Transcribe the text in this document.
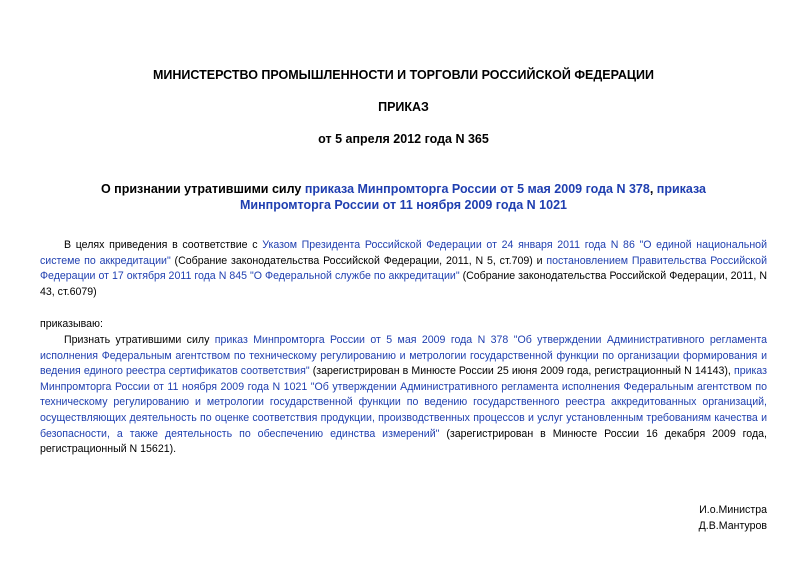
МИНИСТЕРСТВО ПРОМЫШЛЕННОСТИ И ТОРГОВЛИ РОССИЙСКОЙ ФЕДЕРАЦИИ
ПРИКАЗ
от 5 апреля 2012 года N 365
О признании утратившими силу приказа Минпромторга России от 5 мая 2009 года N 378, приказа Минпромторга России от 11 ноября 2009 года N 1021
В целях приведения в соответствие с Указом Президента Российской Федерации от 24 января 2011 года N 86 "О единой национальной системе по аккредитации" (Собрание законодательства Российской Федерации, 2011, N 5, ст.709) и постановлением Правительства Российской Федерации от 17 октября 2011 года N 845 "О Федеральной службе по аккредитации" (Собрание законодательства Российской Федерации, 2011, N 43, ст.6079)
приказываю:
Признать утратившими силу приказ Минпромторга России от 5 мая 2009 года N 378 "Об утверждении Административного регламента исполнения Федеральным агентством по техническому регулированию и метрологии государственной функции по организации формирования и ведения единого реестра сертификатов соответствия" (зарегистрирован в Минюсте России 25 июня 2009 года, регистрационный N 14143), приказ Минпромторга России от 11 ноября 2009 года N 1021 "Об утверждении Административного регламента исполнения Федеральным агентством по техническому регулированию и метрологии государственной функции по ведению государственного реестра аккредитованных организаций, осуществляющих деятельность по оценке соответствия продукции, производственных процессов и услуг установленным требованиям качества и безопасности, а также деятельность по обеспечению единства измерений" (зарегистрирован в Минюсте России 16 декабря 2009 года, регистрационный N 15621).
И.о.Министра
Д.В.Мантуров
